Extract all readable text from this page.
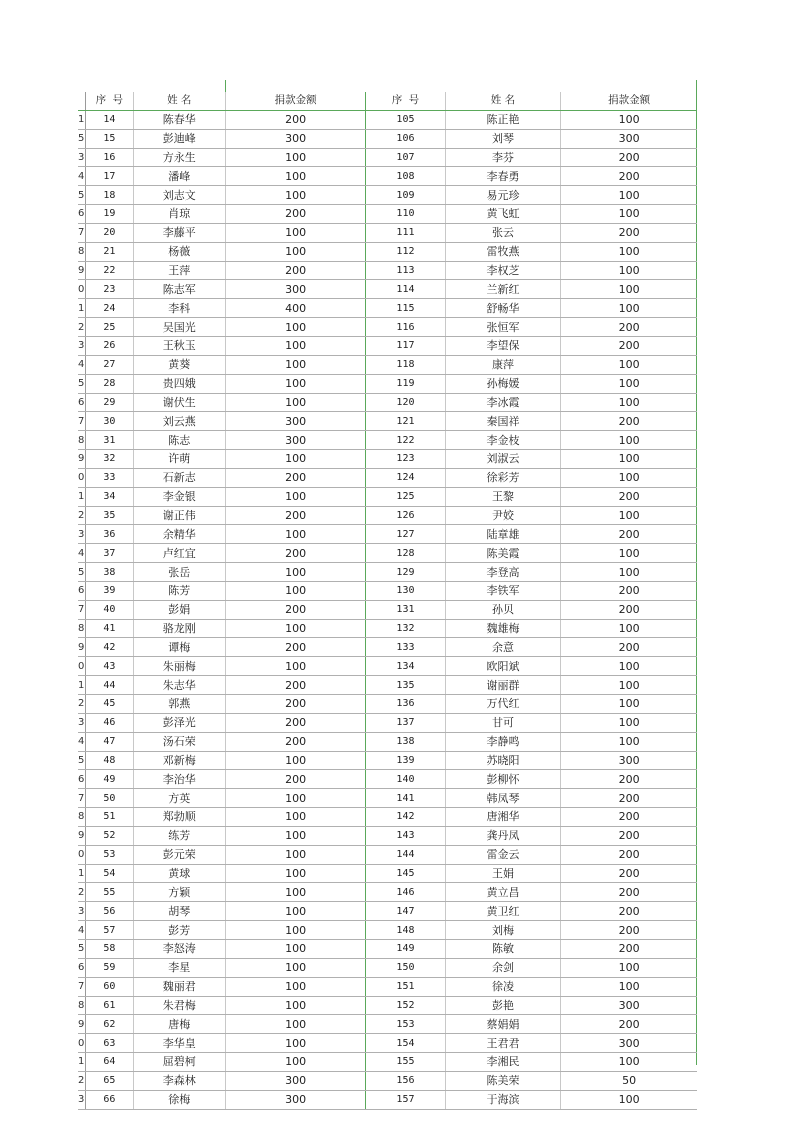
	序 号	姓 名	捐款金额	序 号	姓 名	捐款金额
1	14	陈春华	200	105	陈正艳	100
5	15	彭迪峰	300	106	刘琴	300
3	16	方永生	100	107	李芬	200
4	17	潘峰	100	108	李春勇	200
5	18	刘志文	100	109	易元珍	100
6	19	肖琼	200	110	黄飞虹	100
7	20	李藤平	100	111	张云	200
8	21	杨薇	100	112	雷牧燕	100
9	22	王萍	200	113	李权芝	100
0	23	陈志军	300	114	兰新红	100
1	24	李科	400	115	舒畅华	100
2	25	吴国光	100	116	张恒军	200
3	26	王秋玉	100	117	李望保	200
4	27	黄葵	100	118	康萍	100
5	28	贵四娥	100	119	孙梅媛	100
6	29	谢伏生	100	120	李冰霞	100
7	30	刘云燕	300	121	秦国祥	200
8	31	陈志	300	122	李金枝	100
9	32	许萌	100	123	刘淑云	100
0	33	石新志	200	124	徐彩芳	100
1	34	李金银	100	125	王黎	200
2	35	谢正伟	200	126	尹姣	100
3	36	余精华	100	127	陆章雄	200
4	37	卢红宜	200	128	陈美霞	100
5	38	张岳	100	129	李登高	100
6	39	陈芳	100	130	李铁军	200
7	40	彭娟	200	131	孙贝	200
8	41	骆龙刚	100	132	魏雄梅	100
9	42	谭梅	200	133	余意	200
0	43	朱丽梅	100	134	欧阳斌	100
1	44	朱志华	200	135	谢丽群	100
2	45	郭燕	200	136	万代红	100
3	46	彭泽光	200	137	甘可	100
4	47	汤石荣	200	138	李静鸣	100
5	48	邓新梅	100	139	苏晓阳	300
6	49	李治华	200	140	彭柳怀	200
7	50	方英	100	141	韩凤琴	200
8	51	郑勃顺	100	142	唐湘华	200
9	52	练芳	100	143	龚丹凤	200
0	53	彭元荣	100	144	雷金云	200
1	54	黄球	100	145	王娟	200
2	55	方颖	100	146	黄立昌	200
3	56	胡琴	100	147	黄卫红	200
4	57	彭芳	100	148	刘梅	200
5	58	李怒涛	100	149	陈敏	200
6	59	李星	100	150	余剑	100
7	60	魏丽君	100	151	徐凌	100
8	61	朱君梅	100	152	彭艳	300
9	62	唐梅	100	153	蔡娟娟	200
0	63	李华皇	100	154	王君君	300
1	64	屈碧柯	100	155	李湘民	100
2	65	李森林	300	156	陈美荣	50
3	66	徐梅	300	157	于海滨	100
